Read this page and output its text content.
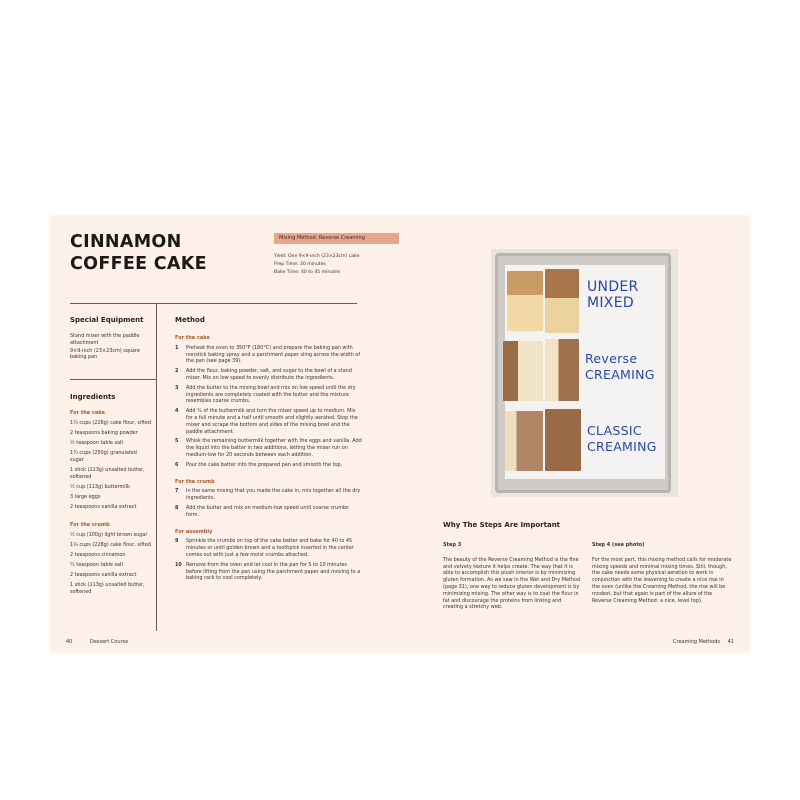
CINNAMON
COFFEE CAKE
Mixing Method: Reverse Creaming
Yield: One 9×9-inch (23×23cm) cake
Prep Time: 30 minutes
Bake Time: 40 to 45 minutes
Special Equipment
Stand mixer with the paddle attachment
9×9-inch (23×23cm) square baking pan
Ingredients
For the cake
1¾ cups (228g) cake flour, sifted
2 teaspoons baking powder
½ teaspoon table salt
1¼ cups (250g) granulated sugar
1 stick (113g) unsalted butter, softened
½ cup (113g) buttermilk
3 large eggs
2 teaspoons vanilla extract
For the crumb
½ cup (100g) light brown sugar
1¾ cups (228g) cake flour, sifted
2 teaspoons cinnamon
¼ teaspoon table salt
2 teaspoons vanilla extract
1 stick (113g) unsalted butter, softened
Method
For the cake
1	Preheat the oven to 350°F (180°C) and prepare the baking pan with nonstick baking spray and a parchment paper sling across the width of the pan (see page 39).
2	Add the flour, baking powder, salt, and sugar to the bowl of a stand mixer. Mix on low speed to evenly distribute the ingredients.
3	Add the butter to the mixing bowl and mix on low speed until the dry ingredients are completely coated with the butter and the mixture resembles coarse crumbs.
4	Add ¾ of the buttermilk and turn the mixer speed up to medium. Mix for a full minute and a half until smooth and slightly aerated. Stop the mixer and scrape the bottom and sides of the mixing bowl and the paddle attachment.
5	Whisk the remaining buttermilk together with the eggs and vanilla. Add the liquid into the batter in two additions, letting the mixer run on medium-low for 20 seconds between each addition.
6	Pour the cake batter into the prepared pan and smooth the top.
For the crumb
7	In the same mixing that you made the cake in, mix together all the dry ingredients.
8	Add the butter and mix on medium-low speed until coarse crumbs form.
For assembly
9	Sprinkle the crumbs on top of the cake batter and bake for 40 to 45 minutes or until golden brown and a toothpick inserted in the center comes out with just a few moist crumbs attached.
10 Remove from the oven and let cool in the pan for 5 to 10 minutes before lifting from the pan using the parchment paper and moving to a baking rack to cool completely.
40	Dessert Course
UNDER
MIXED
Reverse
CREAMING
CLASSIC
CREAMING
Why The Steps Are Important
Step 3
The beauty of the Reverse Creaming Method is the fine and velvety texture it helps create. The way that it is able to accomplish this plush interior is by minimizing gluten formation. As we saw in the Wet and Dry Method (page 31), one way to reduce gluten development is by minimizing mixing. The other way is to coat the flour in fat and discourage the proteins from linking and creating a stretchy web.
Step 4 (see photo)
For the most part, this mixing method calls for moderate mixing speeds and minimal mixing times. Still, though, the cake needs some physical aeration to work in conjunction with the leavening to create a nice rise in the oven (unlike the Creaming Method, the rise will be modest, but that again is part of the allure of the Reverse Creaming Method: a nice, level top).
Creaming Methods 41
